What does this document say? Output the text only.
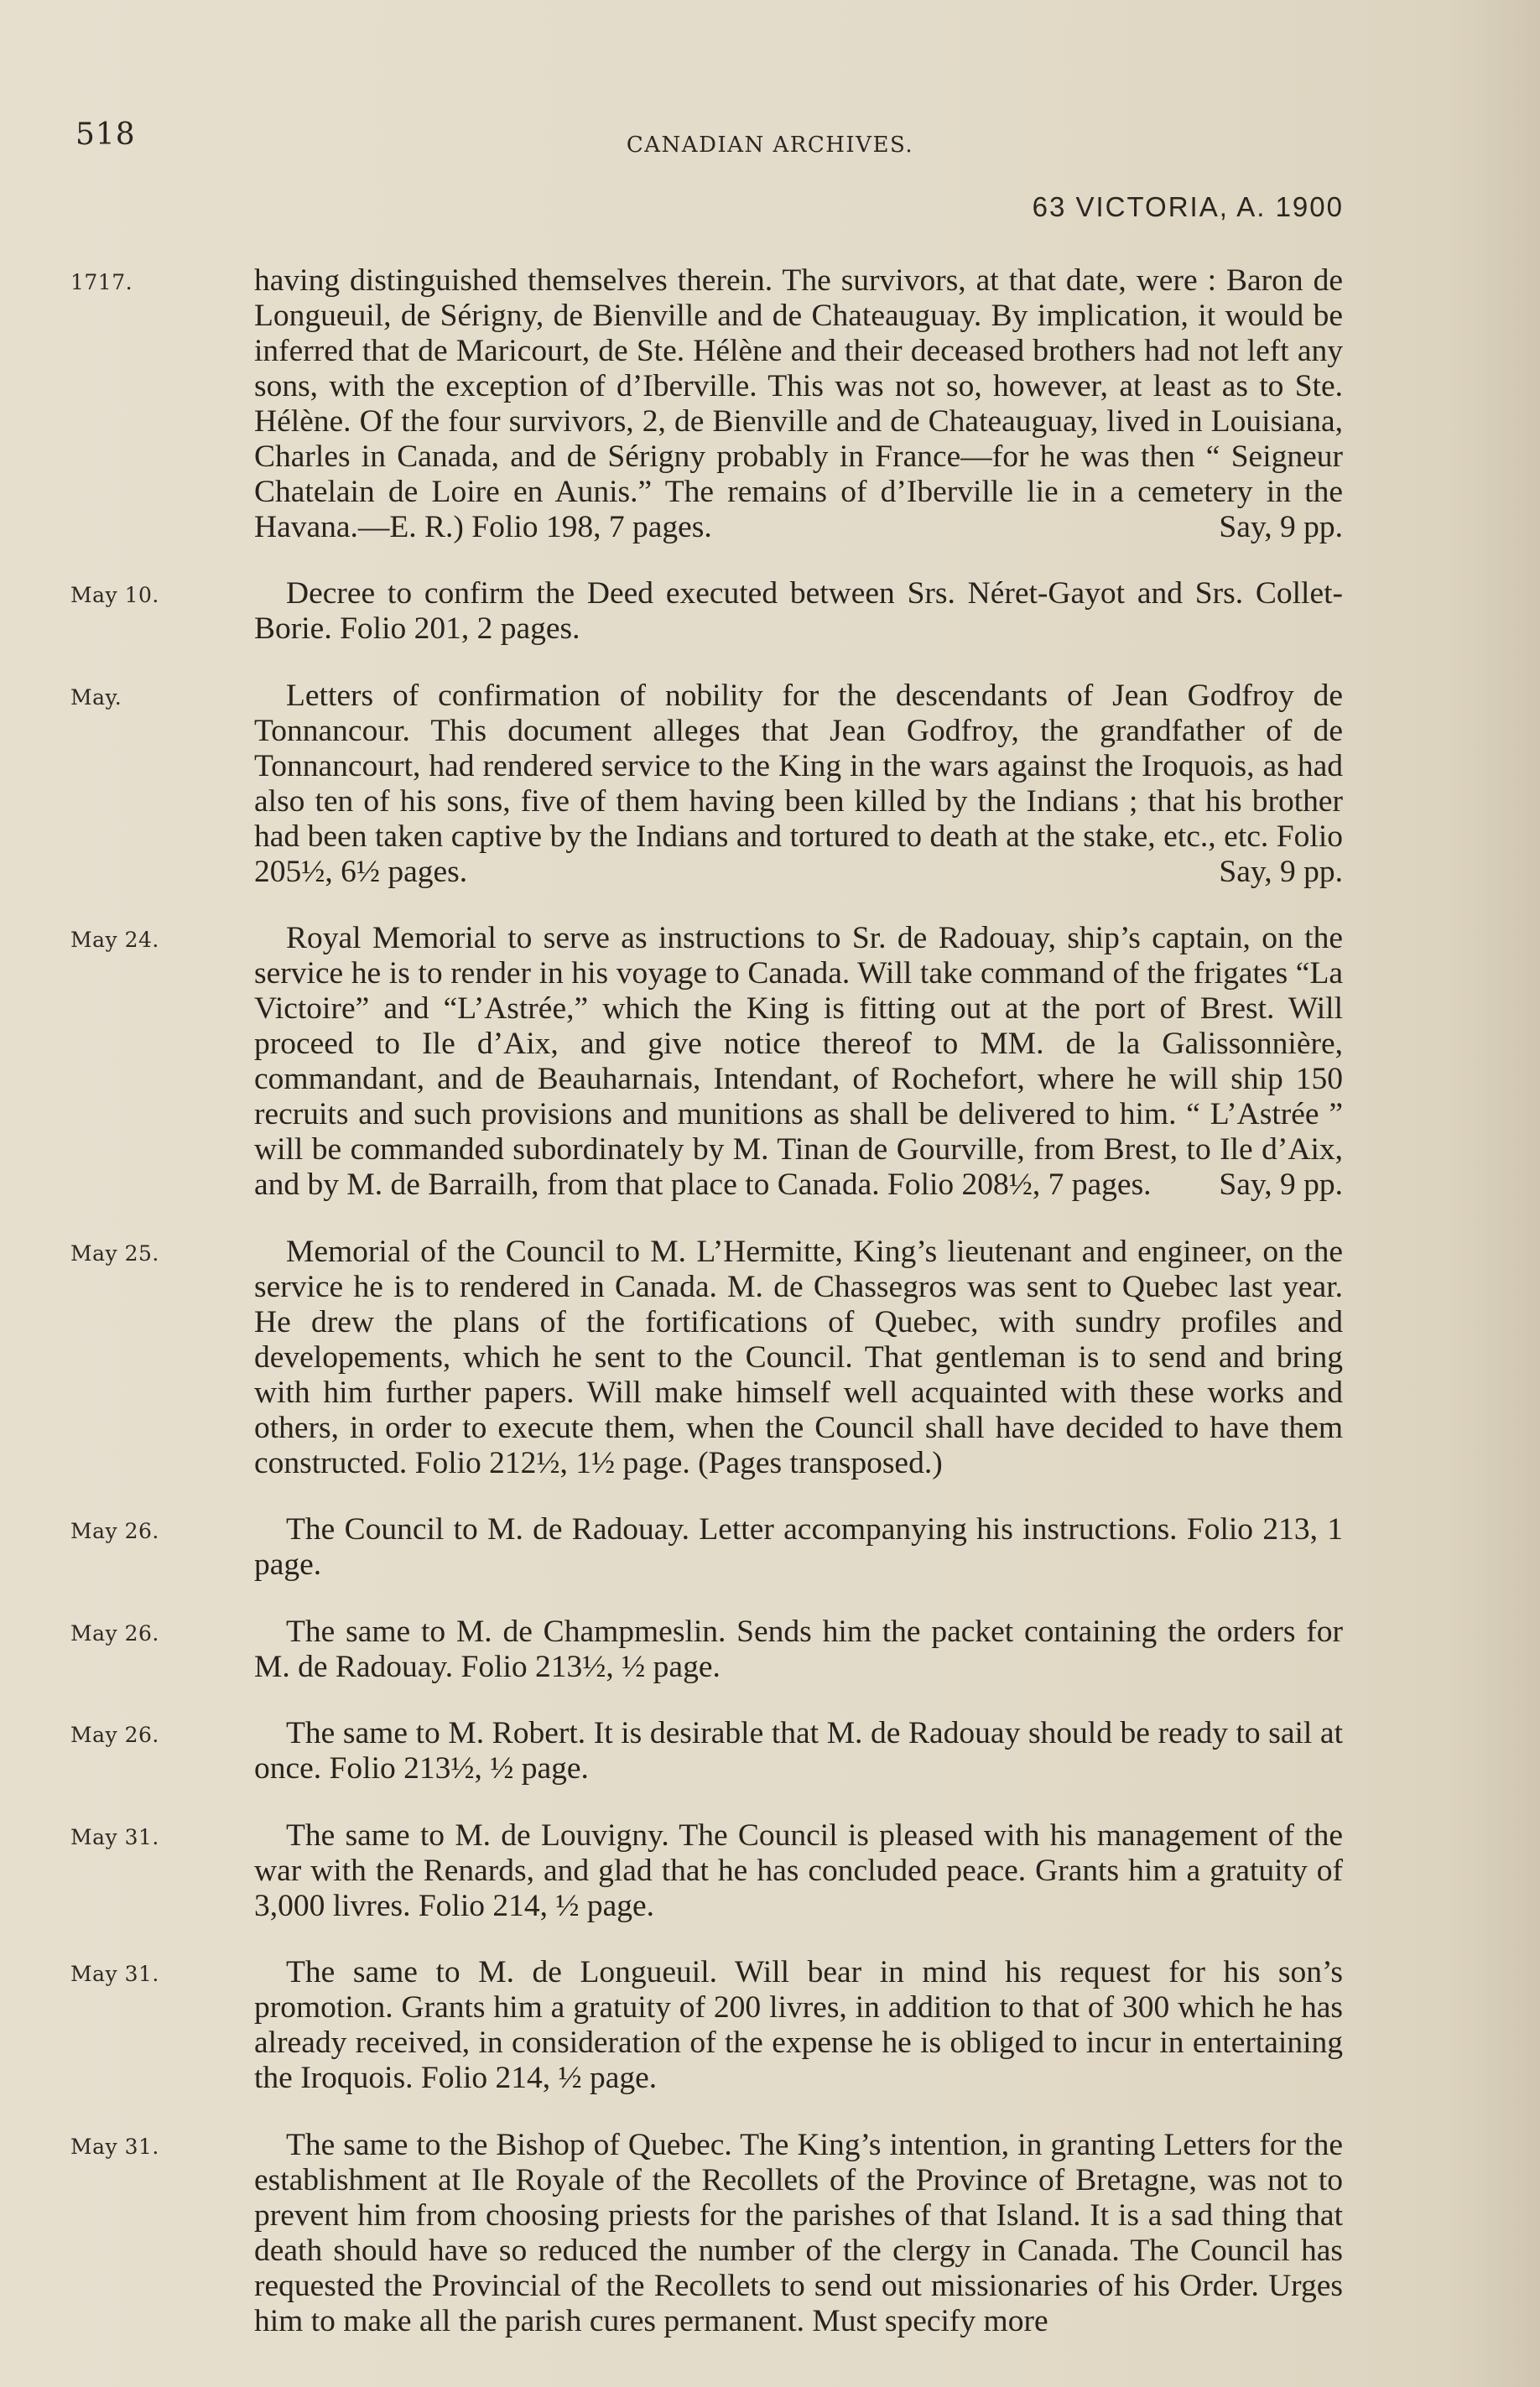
518	CANADIAN ARCHIVES.
63 VICTORIA, A. 1900
1717.	having distinguished themselves therein. The survivors, at that date, were : Baron de Longueuil, de Sérigny, de Bienville and de Chateauguay. By implication, it would be inferred that de Maricourt, de Ste. Hélène and their deceased brothers had not left any sons, with the exception of d’Iberville. This was not so, however, at least as to Ste. Hélène. Of the four survivors, 2, de Bienville and de Chateauguay, lived in Louisiana, Charles in Canada, and de Sérigny probably in France—for he was then “ Seigneur Chatelain de Loire en Aunis.” The remains of d’Iberville lie in a cemetery in the Havana.—E. R.) Folio 198, 7 pages.	Say, 9 pp.

May 10.	Decree to confirm the Deed executed between Srs. Néret-Gayot and Srs. Collet-Borie. Folio 201, 2 pages.

May.	Letters of confirmation of nobility for the descendants of Jean Godfroy de Tonnancour. This document alleges that Jean Godfroy, the grandfather of de Tonnancourt, had rendered service to the King in the wars against the Iroquois, as had also ten of his sons, five of them having been killed by the Indians ; that his brother had been taken captive by the Indians and tortured to death at the stake, etc., etc. Folio 205½, 6½ pages.	Say, 9 pp.

May 24.	Royal Memorial to serve as instructions to Sr. de Radouay, ship’s captain, on the service he is to render in his voyage to Canada. Will take command of the frigates “La Victoire” and “L’Astrée,” which the King is fitting out at the port of Brest. Will proceed to Ile d’Aix, and give notice thereof to MM. de la Galissonnière, commandant, and de Beauharnais, Intendant, of Rochefort, where he will ship 150 recruits and such provisions and munitions as shall be delivered to him. “ L’Astrée ” will be commanded subordinately by M. Tinan de Gourville, from Brest, to Ile d’Aix, and by M. de Barrailh, from that place to Canada. Folio 208½, 7 pages.	Say, 9 pp.

May 25.	Memorial of the Council to M. L’Hermitte, King’s lieutenant and engineer, on the service he is to rendered in Canada. M. de Chassegros was sent to Quebec last year. He drew the plans of the fortifications of Quebec, with sundry profiles and developements, which he sent to the Council. That gentleman is to send and bring with him further papers. Will make himself well acquainted with these works and others, in order to execute them, when the Council shall have decided to have them constructed. Folio 212½, 1½ page. (Pages transposed.)

May 26.	The Council to M. de Radouay. Letter accompanying his instructions. Folio 213, 1 page.

May 26.	The same to M. de Champmeslin. Sends him the packet containing the orders for M. de Radouay. Folio 213½, ½ page.

May 26.	The same to M. Robert. It is desirable that M. de Radouay should be ready to sail at once. Folio 213½, ½ page.

May 31.	The same to M. de Louvigny. The Council is pleased with his management of the war with the Renards, and glad that he has concluded peace. Grants him a gratuity of 3,000 livres. Folio 214, ½ page.

May 31.	The same to M. de Longueuil. Will bear in mind his request for his son’s promotion. Grants him a gratuity of 200 livres, in addition to that of 300 which he has already received, in consideration of the expense he is obliged to incur in entertaining the Iroquois. Folio 214, ½ page.

May 31.	The same to the Bishop of Quebec. The King’s intention, in granting Letters for the establishment at Ile Royale of the Recollets of the Province of Bretagne, was not to prevent him from choosing priests for the parishes of that Island. It is a sad thing that death should have so reduced the number of the clergy in Canada. The Council has requested the Provincial of the Recollets to send out missionaries of his Order. Urges him to make all the parish cures permanent. Must specify more
